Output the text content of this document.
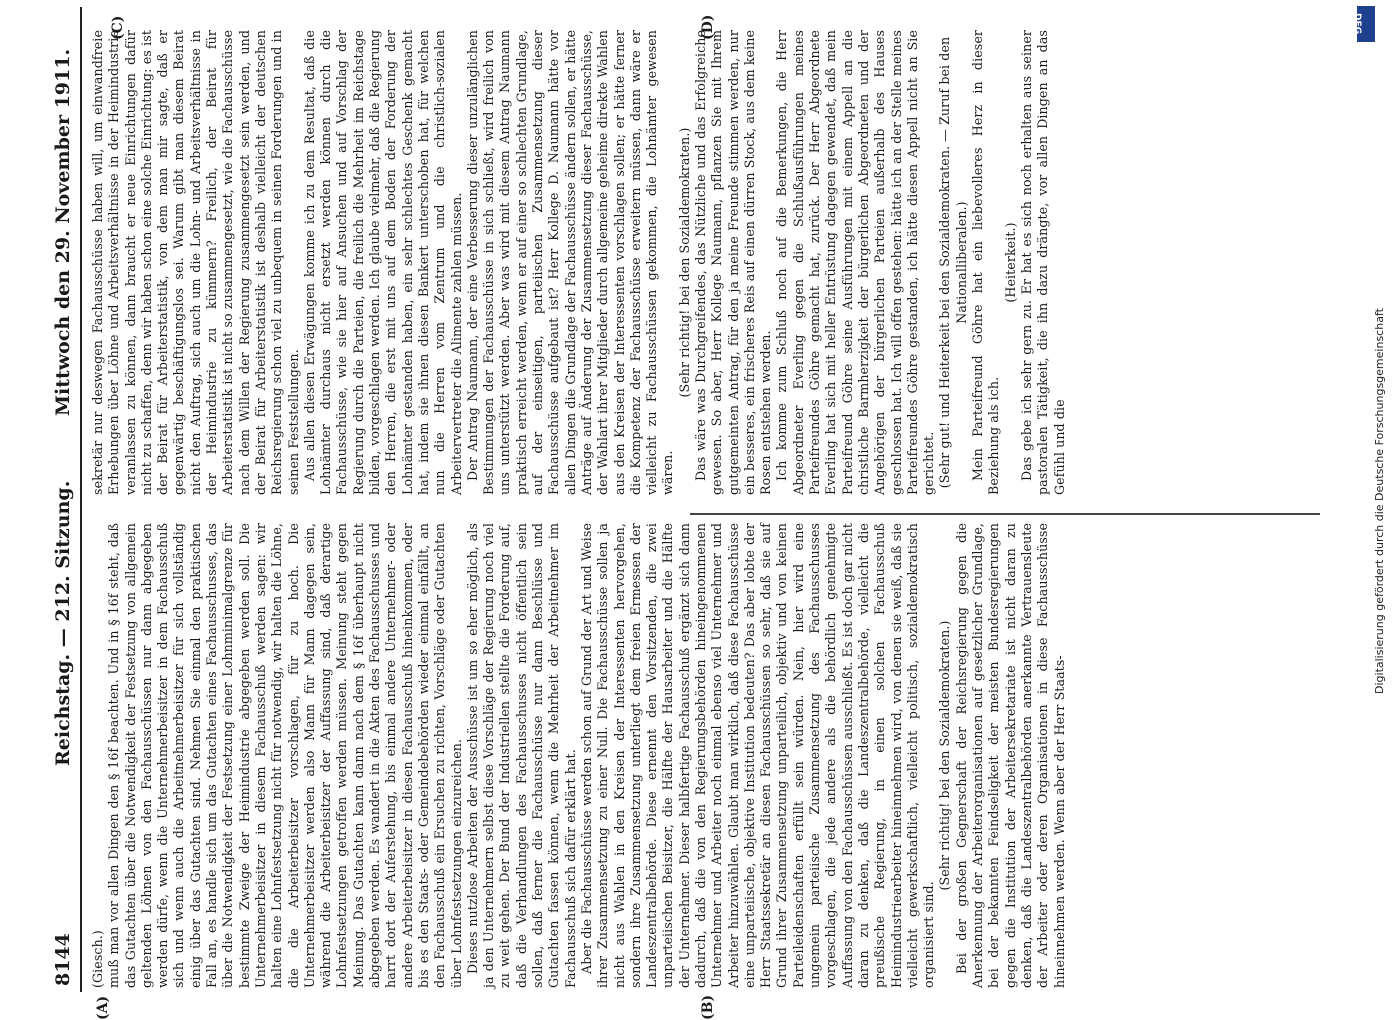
8144
Reichstag. — 212. Sitzung.
Mittwoch den 29. November 1911.
(A)	(B)
(C)	(D)

(Giesch.) muß man vor allen Dingen den § 16f beachten. Und in § 16f steht, daß das Gutachten über die Notwendigkeit der Festsetzung von allgemein geltenden Löhnen von den Fachausschüssen nur dann abgegeben werden dürfe, wenn die Unternehmerbeisitzer in dem Fachausschuß sich und wenn auch die Arbeitnehmerbeisitzer für sich vollständig einig über das Gutachten sind. Nehmen Sie einmal den praktischen Fall an, es handle sich um das Gutachten eines Fachausschusses, das über die Notwendigkeit der Festsetzung einer Lohnminimalgrenze für bestimmte Zweige der Heimindustrie abgegeben werden soll. Die Unternehmerbeisitzer in diesem Fachausschuß werden sagen: wir halten eine Lohnfestsetzung nicht für notwendig, wir halten die Löhne, die die Arbeiterbeisitzer vorschlagen, für zu hoch. Die Unternehmerbeisitzer werden also Mann für Mann dagegen sein, während die Arbeiterbeisitzer der Auffassung sind, daß derartige Lohnfestsetzungen getroffen werden müssen. Meinung steht gegen Meinung. Das Gutachten kann dann nach dem § 16f überhaupt nicht abgegeben werden. Es wandert in die Akten des Fachausschusses und harrt dort der Auferstehung, bis einmal andere Unternehmer- oder andere Arbeiterbeisitzer in diesen Fachausschuß hineinkommen, oder bis es den Staats- oder Gemeindebehörden wieder einmal einfällt, an den Fachausschuß ein Ersuchen zu richten, Vorschläge oder Gutachten über Lohnfestsetzungen einzureichen. Dieses nutzlose Arbeiten der Ausschüsse ist um so eher möglich, als ja den Unternehmern selbst diese Vorschläge der Regierung noch viel zu weit gehen. Der Bund der Industriellen stellte die Forderung auf, daß die Verhandlungen des Fachausschusses nicht öffentlich sein sollen, daß ferner die Fachausschüsse nur dann Beschlüsse und Gutachten fassen können, wenn die Mehrheit der Arbeitnehmer im Fachausschuß sich dafür erklärt hat. Aber die Fachausschüsse werden schon auf Grund der Art und Weise ihrer Zusammensetzung zu einer Null. Die Fachausschüsse sollen ja nicht aus Wahlen in den Kreisen der Interessenten hervorgehen, sondern ihre Zusammensetzung unterliegt dem freien Ermessen der Landeszentralbehörde. Diese ernennt den Vorsitzenden, die zwei unparteiischen Beisitzer, die Hälfte der Hausarbeiter und die Hälfte der Unternehmer. Dieser halbfertige Fachausschuß ergänzt sich dann dadurch, daß die von den Regierungsbehörden hineingenommenen Unternehmer und Arbeiter noch einmal ebenso viel Unternehmer und Arbeiter hinzuwählen. Glaubt man wirklich, daß diese Fachausschüsse eine unparteiische, objektive Institution bedeuten? Das aber lobte der Herr Staatssekretär an diesen Fachausschüssen so sehr, daß sie auf Grund ihrer Zusammensetzung unparteilich, objektiv und von keinen Parteileidenschaften erfüllt sein würden. Nein, hier wird eine ungemein parteiische Zusammensetzung des Fachausschusses vorgeschlagen, die jede andere als die behördlich genehmigte Auffassung von den Fachausschüssen ausschließt. Es ist doch gar nicht daran zu denken, daß die Landeszentralbehörde, vielleicht die preußische Regierung, in einen solchen Fachausschuß Heimindustriearbeiter hineinnehmen wird, von denen sie weiß, daß sie vielleicht gewerkschaftlich, vielleicht politisch, sozialdemokratisch organisiert sind.

(Sehr richtig! bei den Sozialdemokraten.) Bei der großen Gegnerschaft der Reichsregierung gegen die Anerkennung der Arbeiterorganisationen auf gesetzlicher Grundlage, bei der bekannten Feindseligkeit der meisten Bundesregierungen gegen die Institution der Arbeitersekretariate ist nicht daran zu denken, daß die Landeszentralbehörden anerkannte Vertrauensleute der Arbeiter oder deren Organisationen in diese Fachausschüsse hineinnehmen werden. Wenn aber der Herr Staats-

sekretär nur deswegen Fachausschüsse haben will, um einwandfreie Erhebungen über Löhne und Arbeitsverhältnisse in der Heimindustrie veranlassen zu können, dann braucht er neue Einrichtungen dafür nicht zu schaffen, denn wir haben schon eine solche Einrichtung: es ist der Beirat für Arbeiterstatistik, von dem man mir sagte, daß er gegenwärtig beschäftigungslos sei. Warum gibt man diesem Beirat nicht den Auftrag, sich auch um die Lohn- und Arbeitsverhältnisse in der Heimindustrie zu kümmern? Freilich, der Beirat für Arbeiterstatistik ist nicht so zusammengesetzt, wie die Fachausschüsse nach dem Willen der Regierung zusammengesetzt sein werden, und der Beirat für Arbeiterstatistik ist deshalb vielleicht der deutschen Reichsregierung schon viel zu unbequem in seinen Forderungen und in seinen Feststellungen. Aus allen diesen Erwägungen komme ich zu dem Resultat, daß die Lohnämter durchaus nicht ersetzt werden können durch die Fachausschüsse, wie sie hier auf Ansuchen und auf Vorschlag der Regierung durch die Parteien, die freilich die Mehrheit im Reichstage bilden, vorgeschlagen werden. Ich glaube vielmehr, daß die Regierung den Herren, die erst mit uns auf dem Boden der Forderung der Lohnämter gestanden haben, ein sehr schlechtes Geschenk gemacht hat, indem sie ihnen diesen Bankert unterschoben hat, für welchen nun die Herren vom Zentrum und die christlich-sozialen Arbeitervertreter die Alimente zahlen müssen. Der Antrag Naumann, der eine Verbesserung dieser unzulänglichen Bestimmungen der Fachausschüsse in sich schließt, wird freilich von uns unterstützt werden. Aber was wird mit diesem Antrag Naumann praktisch erreicht werden, wenn er auf einer so schlechten Grundlage, auf der einseitigen, parteiischen Zusammensetzung dieser Fachausschüsse aufgebaut ist? Herr Kollege D. Naumann hätte vor allen Dingen die Grundlage der Fachausschüsse ändern sollen, er hätte Anträge auf Änderung der Zusammensetzung dieser Fachausschüsse, der Wahlart ihrer Mitglieder durch allgemeine geheime direkte Wahlen aus den Kreisen der Interessenten vorschlagen sollen; er hätte ferner die Kompetenz der Fachausschüsse erweitern müssen, dann wäre er vielleicht zu Fachausschüssen gekommen, die Lohnämter gewesen wären.

(Sehr richtig! bei den Sozialdemokraten.) Das wäre was Durchgreifendes, das Nützliche und das Erfolgreiche gewesen. So aber, Herr Kollege Naumann, pflanzen Sie mit Ihrem gutgemeinten Antrag, für den ja meine Freunde stimmen werden, nur ein besseres, ein frischeres Reis auf einen dürren Stock, aus dem keine Rosen entstehen werden. Ich komme zum Schluß noch auf die Bemerkungen, die Herr Abgeordneter Everling gegen die Schlußausführungen meines Parteifreundes Göhre gemacht hat, zurück. Der Herr Abgeordnete Everling hat sich mit heller Entrüstung dagegen gewendet, daß mein Parteifreund Göhre seine Ausführungen mit einem Appell an die christliche Barmherzigkeit der bürgerlichen Abgeordneten und der Angehörigen der bürgerlichen Parteien außerhalb des Hauses geschlossen hat. Ich will offen gestehen: hätte ich an der Stelle meines Parteifreundes Göhre gestanden, ich hätte diesen Appell nicht an Sie gerichtet. (Sehr gut! und Heiterkeit bei den Sozialdemokraten. — Zuruf bei den Nationalliberalen.) Mein Parteifreund Göhre hat ein liebevolleres Herz in dieser Beziehung als ich.

(Heiterkeit.) Das gebe ich sehr gern zu. Er hat es sich noch erhalten aus seiner pastoralen Tätigkeit, die ihn dazu drängte, vor allen Dingen an das Gefühl und die	Digitalisierung gefördert durch die Deutsche Forschungsgemeinschaft
DFG
